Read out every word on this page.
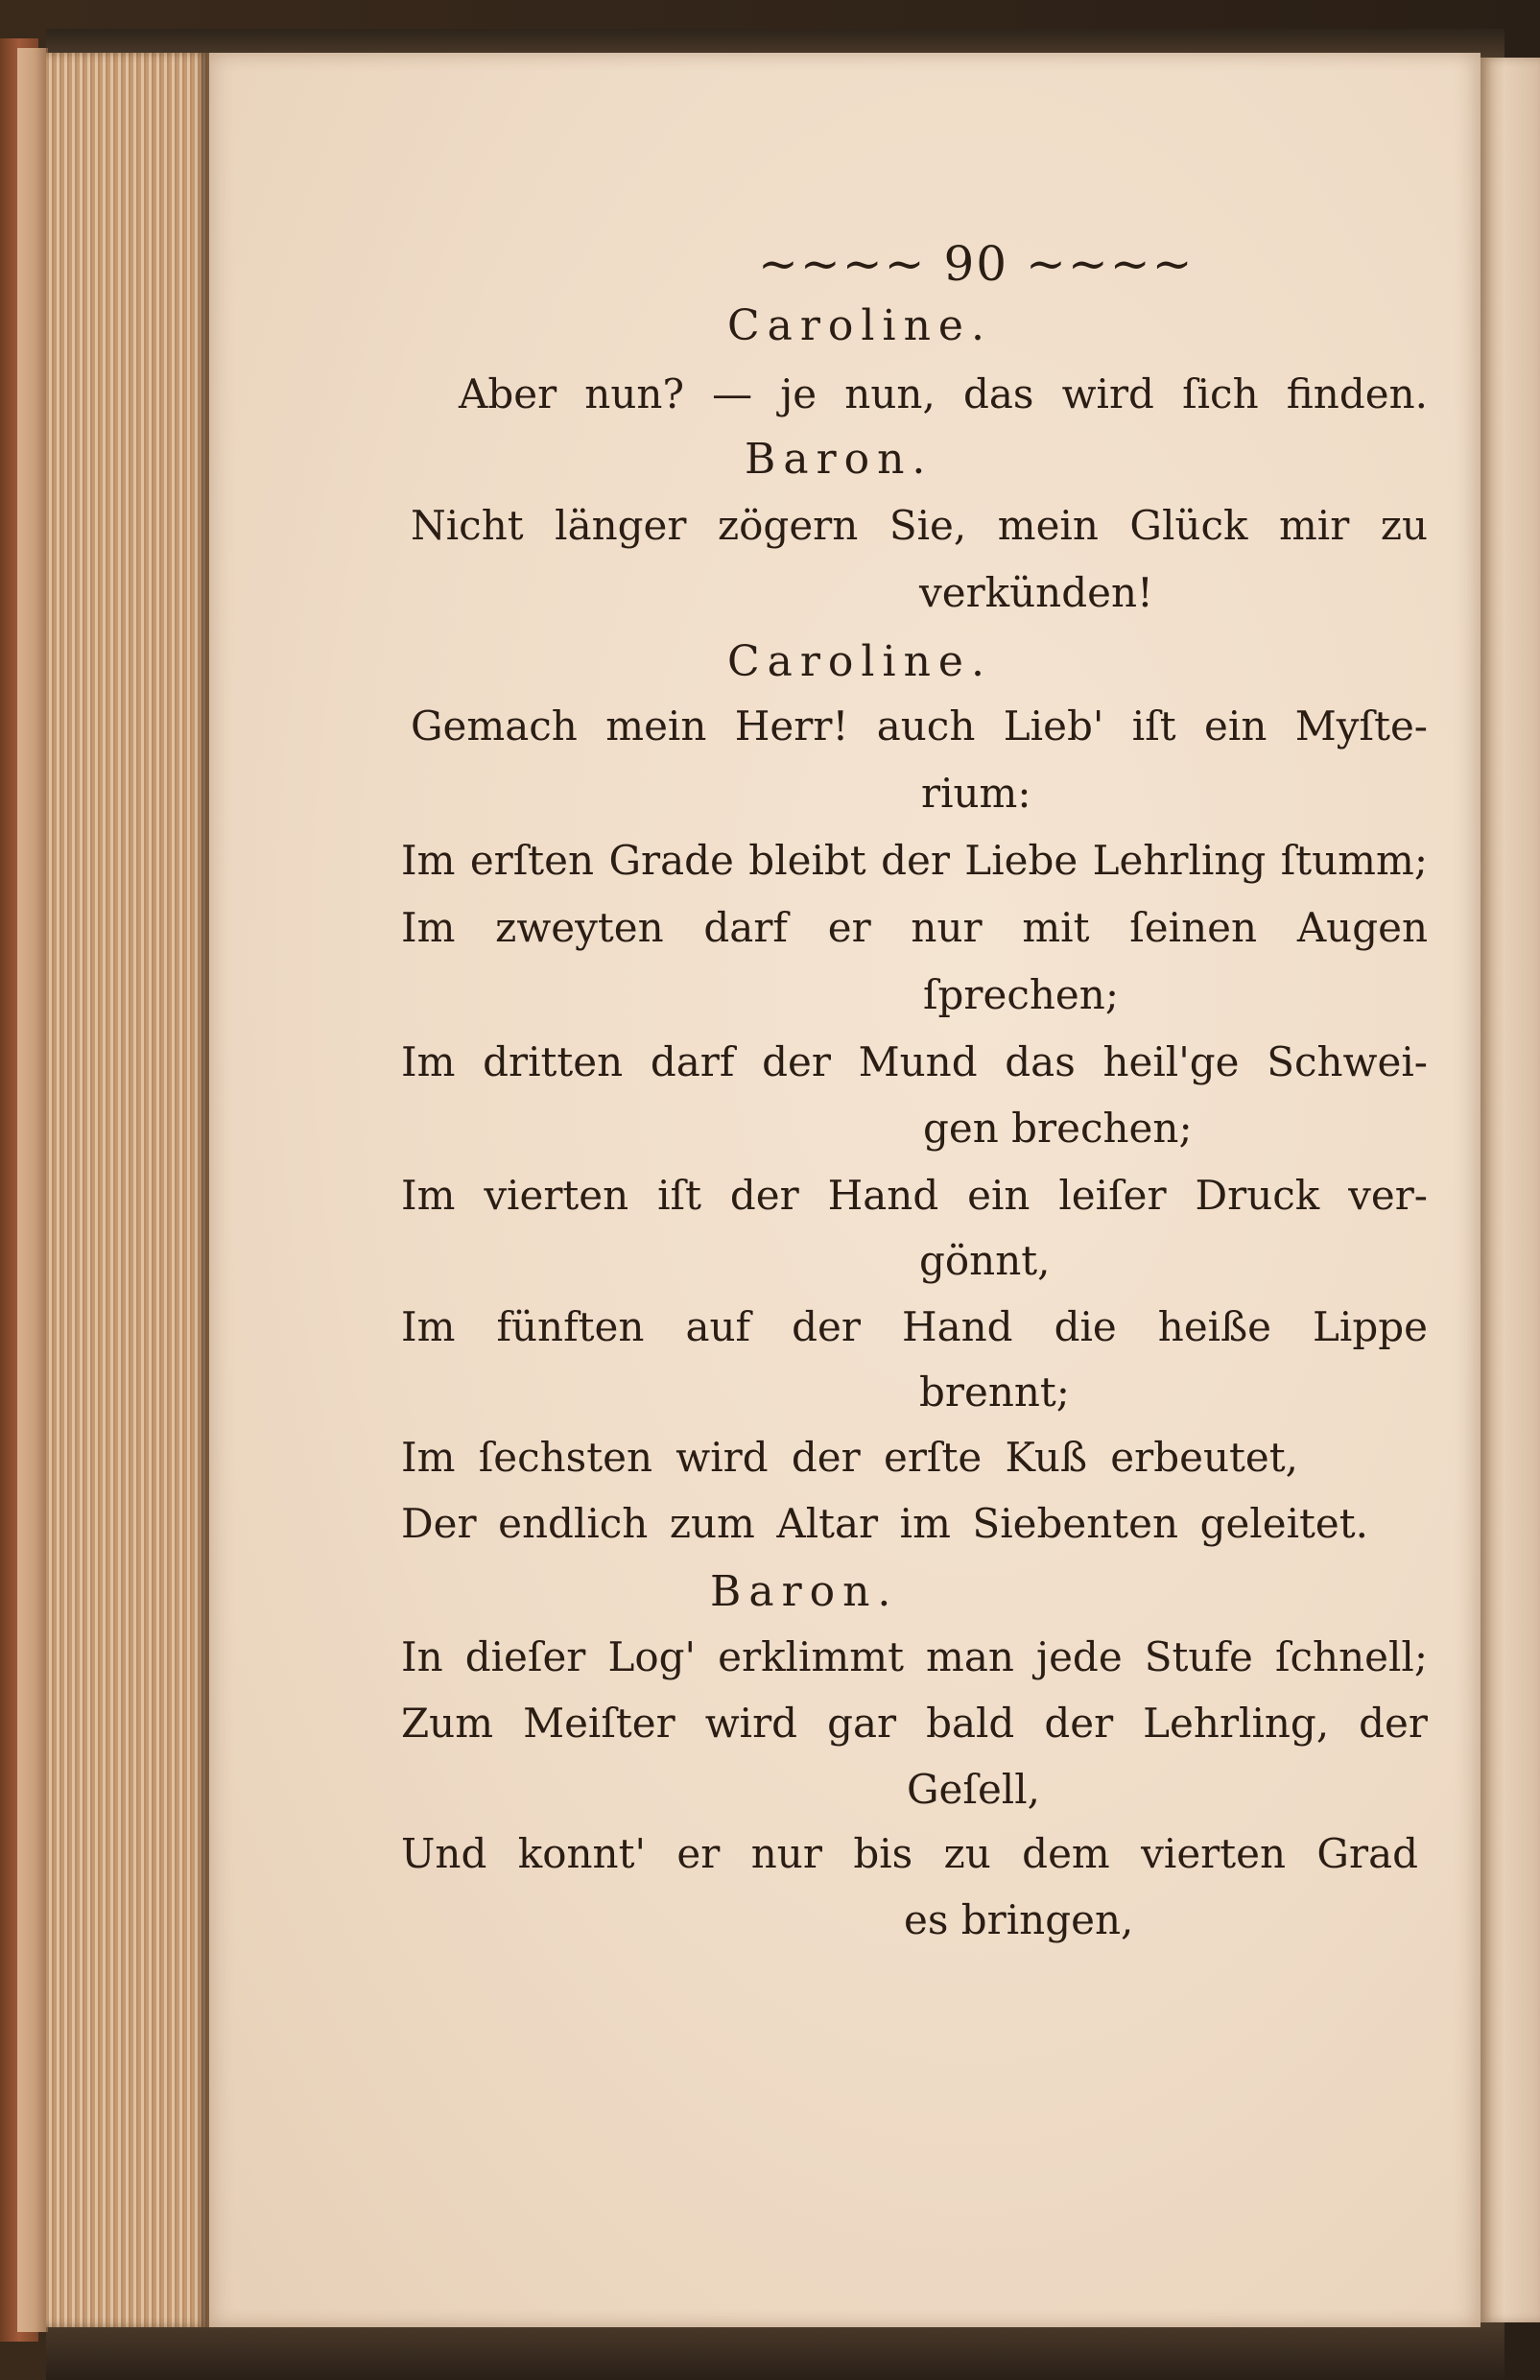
~~~~ 90 ~~~~

Caroline.

Aber nun? — je nun, das wird ſich finden.

Baron.

Nicht länger zögern Sie, mein Glück mir zu

verkünden!

Caroline.

Gemach mein Herr! auch Lieb' iſt ein Myſte-

rium:

Im erſten Grade bleibt der Liebe Lehrling ſtumm;

Im zweyten darf er nur mit ſeinen Augen

ſprechen;

Im dritten darf der Mund das heil'ge Schwei-

gen brechen;

Im vierten iſt der Hand ein leiſer Druck ver-

gönnt,

Im fünften auf der Hand die heiße Lippe

brennt;

Im ſechsten wird der erſte Kuß erbeutet,

Der endlich zum Altar im Siebenten geleitet.

Baron.

In dieſer Log' erklimmt man jede Stufe ſchnell;

Zum Meiſter wird gar bald der Lehrling, der

Geſell,

Und konnt' er nur bis zu dem vierten Grad

es bringen,
